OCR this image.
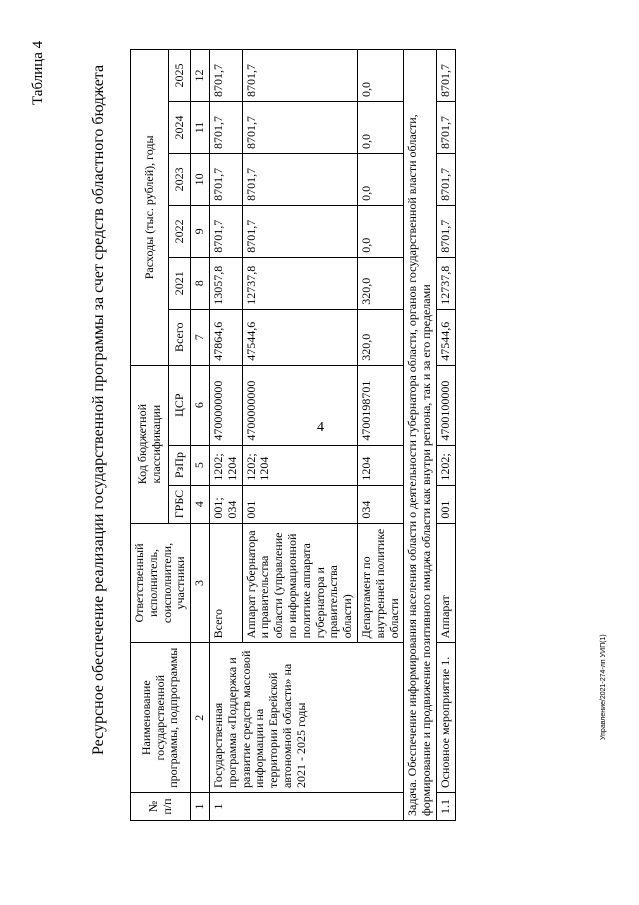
4
Управление/2021-274-лп УИП(1)
Таблица 4	Ресурсное обеспечение реализации государственной программы за счет средств областного бюджета
№ п/п	Наименование государственной программы, подпрограммы	Ответственный исполнитель, соисполнители, участники	Код бюджетной классификации			Расходы (тыс. рублей), годы					
			ГРБС	РзПр	ЦСР	Всего	2021	2022	2023	2024	2025
1	2	3	4	5	6	7	8	9	10	11	12
1	Государственная программа «Поддержка и развитие средств массовой информации на территории Еврейской автономной области» на 2021 - 2025 годы	Всего	001; 034	1202; 1204	4700000000	47864,6	13057,8	8701,7	8701,7	8701,7	8701,7
		Аппарат губернатора и правительства области (управление по информационной политике аппарата губернатора и правительства области)	001	1202; 1204	4700000000	47544,6	12737,8	8701,7	8701,7	8701,7	8701,7
		Департамент по внутренней политике области	034	1204	4700198701	320,0	320,0	0,0	0,0	0,0	0,0
Задача. Обеспечение информирования населения области о деятельности губернатора области, органов государственной власти области, формирование и продвижение позитивного имиджа области как внутри региона, так и за его пределами											
1.1	Основное мероприятие 1.	Аппарат	001	1202;	4700100000	47544,6	12737,8	8701,7	8701,7	8701,7	8701,7
